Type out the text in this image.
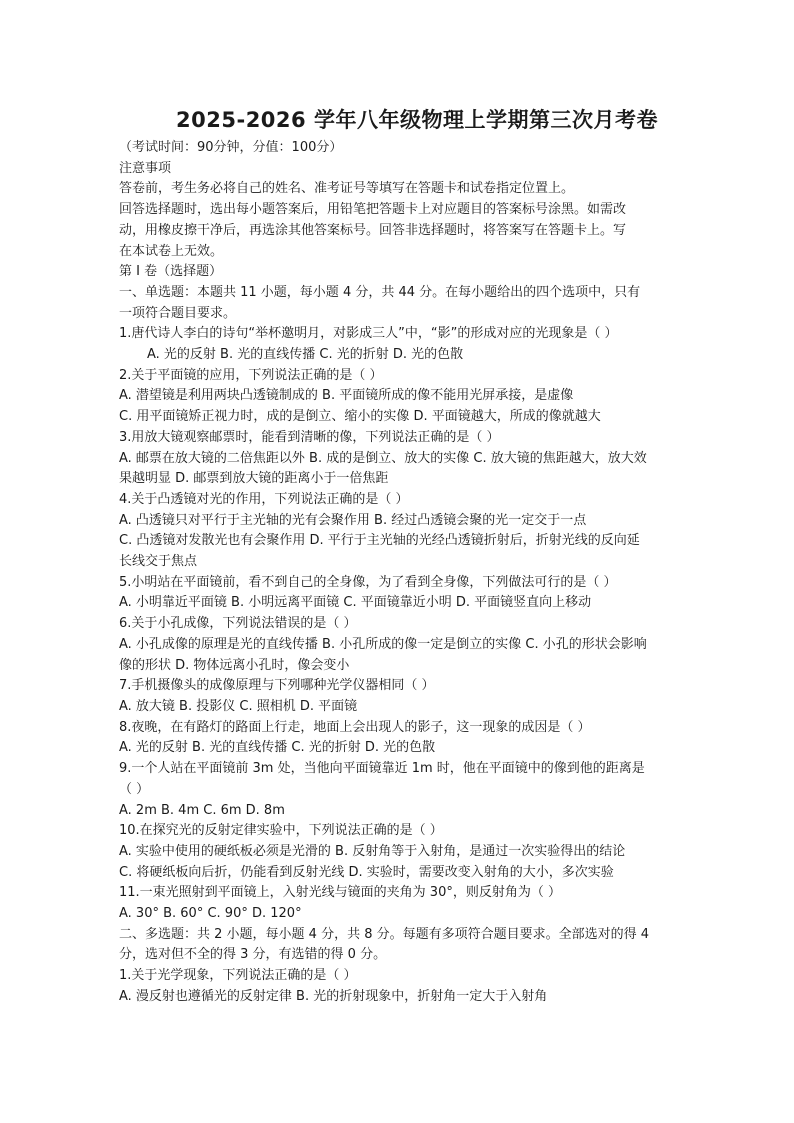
2025-2026 学年八年级物理上学期第三次月考卷
（考试时间：90分钟，分值：100分）
注意事项
答卷前，考生务必将自己的姓名、准考证号等填写在答题卡和试卷指定位置上。
回答选择题时，选出每小题答案后，用铅笔把答题卡上对应题目的答案标号涂黑。如需改
动，用橡皮擦干净后，再选涂其他答案标号。回答非选择题时，将答案写在答题卡上。写
在本试卷上无效。
第 Ⅰ 卷（选择题）
一、单选题：本题共 11 小题，每小题 4 分，共 44 分。在每小题给出的四个选项中，只有
一项符合题目要求。
1.唐代诗人李白的诗句“举杯邀明月，对影成三人”中，“影”的形成对应的光现象是（ ）
A. 光的反射 B. 光的直线传播 C. 光的折射 D. 光的色散
2.关于平面镜的应用，下列说法正确的是（ ）
A. 潜望镜是利用两块凸透镜制成的 B. 平面镜所成的像不能用光屏承接，是虚像
C. 用平面镜矫正视力时，成的是倒立、缩小的实像 D. 平面镜越大，所成的像就越大
3.用放大镜观察邮票时，能看到清晰的像，下列说法正确的是（ ）
A. 邮票在放大镜的二倍焦距以外 B. 成的是倒立、放大的实像 C. 放大镜的焦距越大，放大效
果越明显 D. 邮票到放大镜的距离小于一倍焦距
4.关于凸透镜对光的作用，下列说法正确的是（ ）
A. 凸透镜只对平行于主光轴的光有会聚作用 B. 经过凸透镜会聚的光一定交于一点
C. 凸透镜对发散光也有会聚作用 D. 平行于主光轴的光经凸透镜折射后，折射光线的反向延
长线交于焦点
5.小明站在平面镜前，看不到自己的全身像，为了看到全身像，下列做法可行的是（ ）
A. 小明靠近平面镜 B. 小明远离平面镜 C. 平面镜靠近小明 D. 平面镜竖直向上移动
6.关于小孔成像，下列说法错误的是（ ）
A. 小孔成像的原理是光的直线传播 B. 小孔所成的像一定是倒立的实像 C. 小孔的形状会影响
像的形状 D. 物体远离小孔时，像会变小
7.手机摄像头的成像原理与下列哪种光学仪器相同（ ）
A. 放大镜 B. 投影仪 C. 照相机 D. 平面镜
8.夜晚，在有路灯的路面上行走，地面上会出现人的影子，这一现象的成因是（ ）
A. 光的反射 B. 光的直线传播 C. 光的折射 D. 光的色散
9.一个人站在平面镜前 3m 处，当他向平面镜靠近 1m 时，他在平面镜中的像到他的距离是
（ ）
A. 2m B. 4m C. 6m D. 8m
10.在探究光的反射定律实验中，下列说法正确的是（ ）
A. 实验中使用的硬纸板必须是光滑的 B. 反射角等于入射角，是通过一次实验得出的结论
C. 将硬纸板向后折，仍能看到反射光线 D. 实验时，需要改变入射角的大小，多次实验
11.一束光照射到平面镜上，入射光线与镜面的夹角为 30°，则反射角为（ ）
A. 30° B. 60° C. 90° D. 120°
二、多选题：共 2 小题，每小题 4 分，共 8 分。每题有多项符合题目要求。全部选对的得 4
分，选对但不全的得 3 分，有选错的得 0 分。
1.关于光学现象，下列说法正确的是（ ）
A. 漫反射也遵循光的反射定律 B. 光的折射现象中，折射角一定大于入射角
